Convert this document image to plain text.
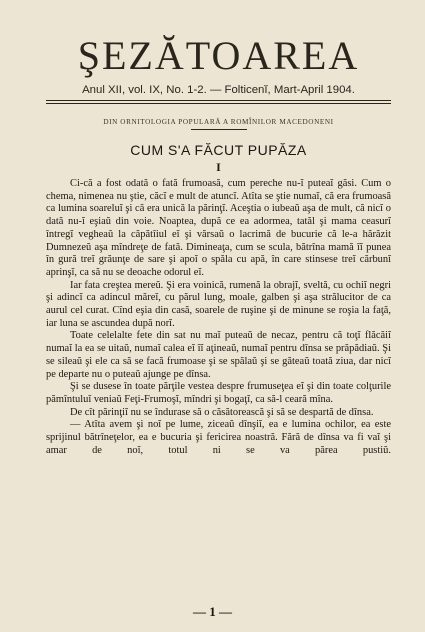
ŞEZĂTOAREA
Anul XII, vol. IX, No. 1-2. — Folticenĭ, Mart-April 1904.
DIN ORNITOLOGIA POPULARĂ A ROMÎNILOR MACEDONENI
CUM S'A FĂCUT PUPĂZA
I

Ci-că a fost odată o fată frumoasă, cum pereche nu-ĭ puteaĭ găsi. Cum o chema, nimenea nu ştie, căcĭ e mult de atuncĭ. Atîta se ştie numaĭ, că era frumoasă ca lumina soareluĭ şi că era unică la părinţĭ. Aceştia o iubeaŭ aşa de mult, că nicĭ o dată nu-ĭ eşiaŭ din voie. Noaptea, după ce ea adormea, tatăl şi mama ceasurĭ întregĭ vegheaŭ la căpătîiul eĭ şi vărsaŭ o lacrimă de bucurie că le-a hărăzit Dumnezeŭ aşa mîndreţe de fată. Dimineaţa, cum se scula, bătrîna mamă îĭ punea în gură treĭ grăunţe de sare şi apoĭ o spăla cu apă, în care stinsese treĭ cărbunĭ aprinşĭ, ca să nu se deoache odorul eĭ.

Iar fata creştea mereŭ. Şi era voinică, rumenă la obrajĭ, sveltă, cu ochiĭ negri şi adincĭ ca adincul măreĭ, cu părul lung, moale, galben şi aşa strălucitor de ca aurul cel curat. Cînd eşia din casă, soarele de ruşine şi de minune se roşia la faţă, iar luna se ascundea după norĭ.

Toate celelalte fete din sat nu maĭ puteaŭ de necaz, pentru că toţĭ flăcăiĭ numaĭ la ea se uitaŭ, numaĭ calea eĭ îĭ aţineaŭ, numaĭ pentru dînsa se prăpădiaŭ. Şi se sileaŭ şi ele ca să se facă frumoase şi se spălaŭ şi se găteaŭ toată ziua, dar nicĭ pe departe nu o puteaŭ ajunge pe dînsa.

Şi se dusese în toate părţile vestea despre frumuseţea eĭ şi din toate colţurile pămîntuluĭ veniaŭ Feţi-Frumoşĭ, mîndri şi bogaţĭ, ca să-l ceară mîna.

De cît părinţiĭ nu se îndurase să o căsătorească şi să se despartă de dînsa.

— Atîta avem şi noĭ pe lume, ziceaŭ dînşiĭ, ea e lumina ochilor, ea este sprijinul bătrîneţelor, ea e bucuria şi fericirea noastră. Fără de dînsa va fi vaĭ şi amar de noĭ, totul ni se va părea pustiŭ.

— 1 —
